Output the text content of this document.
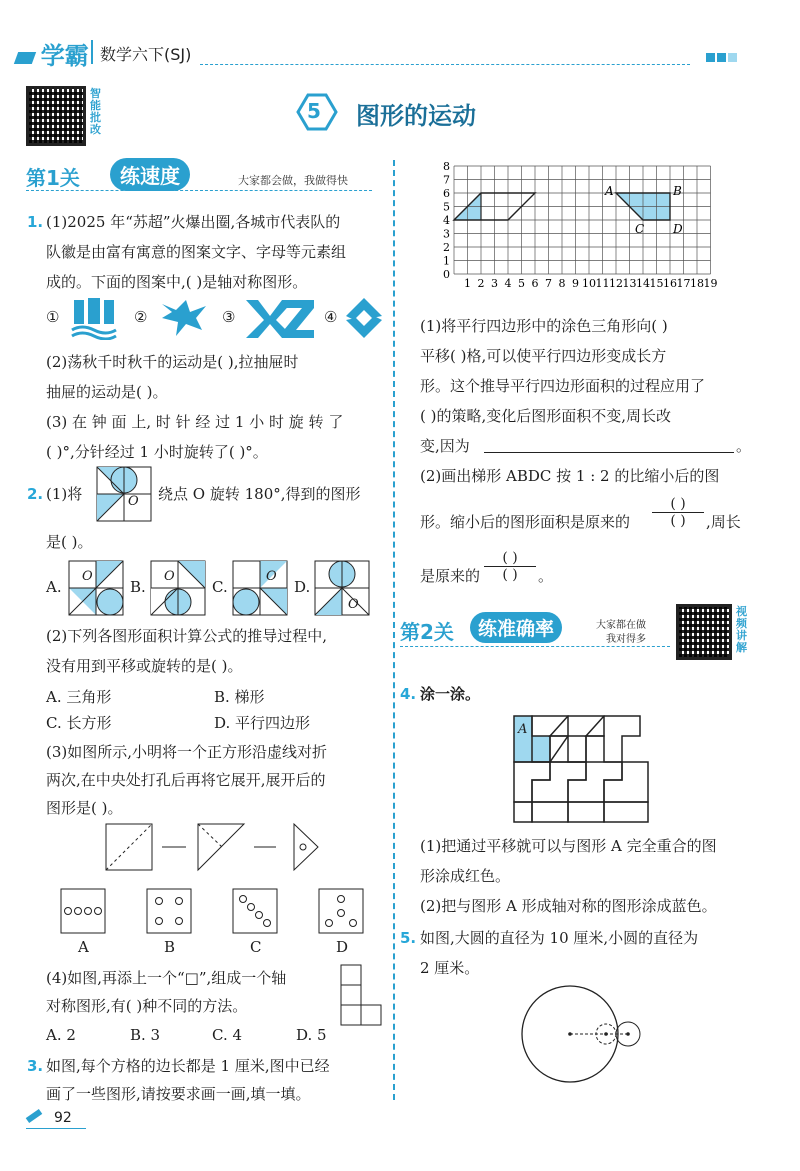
学霸 数学六下(SJ)
智能批改
5 图形的运动
第1关	练速度	大家都会做，我做得快
1. (1)2025 年“苏超”火爆出圈,各城市代表队的
队徽是由富有寓意的图案文字、字母等元素组
成的。下面的图案中,( )是轴对称图形。
①	②	③	④
(2)荡秋千时秋千的运动是( ),拉抽屉时
抽屉的运动是( )。
(3) 在 钟 面 上, 时 针 经 过 1 小 时 旋 转 了
( )°,分针经过 1 小时旋转了( )°。
2. (1)将	O 绕点 O 旋转 180°,得到的图形
是( )。
A.
O
B.
O
C.
O
D.
O
(2)下列各图形面积计算公式的推导过程中,
没有用到平移或旋转的是( )。
A. 三角形	B. 梯形
C. 长方形	D. 平行四边形
(3)如图所示,小明将一个正方形沿虚线对折
两次,在中央处打孔后再将它展开,展开后的
图形是( )。
A	B	C	D
(4)如图,再添上一个“□”,组成一个轴
对称图形,有( )种不同的方法。
A. 2	B. 3	C. 4	D. 5
3. 如图,每个方格的边长都是 1 厘米,图中已经
画了一些图形,请按要求画一画,填一填。
92
1 2 3 4 5 6 7 8 9 10 11 12 13 14 15 16 17 18 19
0
1
2
3
4
5
6
7
8
A	B
C D
(1)将平行四边形中的涂色三角形向( )
平移( )格,可以使平行四边形变成长方
形。这个推导平行四边形面积的过程应用了
( )的策略,变化后图形面积不变,周长改
变,因为	。
(2)画出梯形 ABDC 按 1 : 2 的比缩小后的图
形。缩小后的图形面积是原来的
( )
( )	,周长
是原来的
( )
( )	。
第2关	练准确率	大家都在做
我对得多
视频讲解
4. 涂一涂。
A
(1)把通过平移就可以与图形 A 完全重合的图
形涂成红色。
(2)把与图形 A 形成轴对称的图形涂成蓝色。
5. 如图,大圆的直径为 10 厘米,小圆的直径为
2 厘米。
